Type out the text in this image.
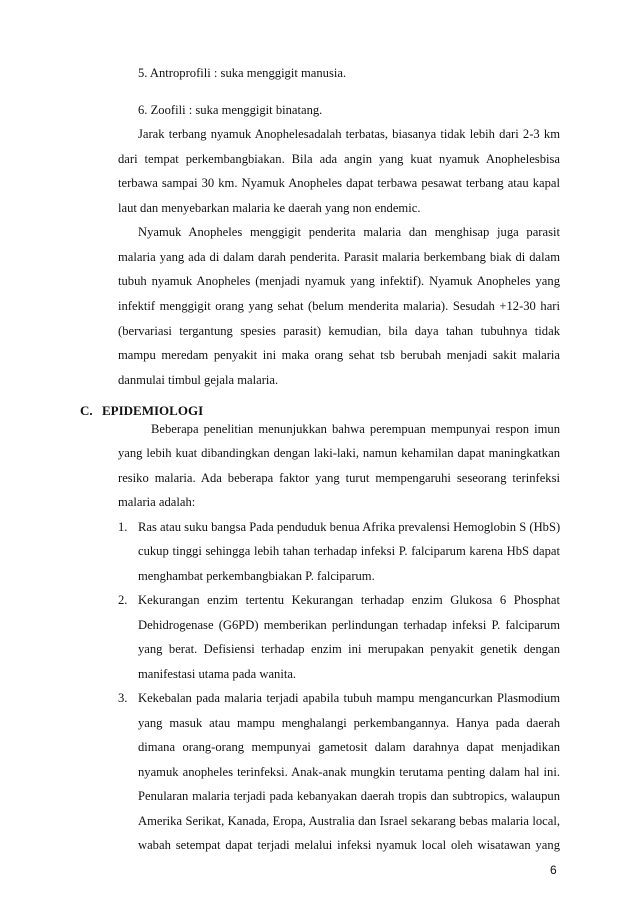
C. EPIDEMIOLOGI
6
5. Antroprofili : suka menggigit manusia.
6. Zoofili : suka menggigit binatang.
Jarak terbang nyamuk Anophelesadalah terbatas, biasanya tidak lebih dari 2-3 km
dari tempat perkembangbiakan. Bila ada angin yang kuat nyamuk Anophelesbisa
terbawa sampai 30 km. Nyamuk Anopheles dapat terbawa pesawat terbang atau kapal
laut dan menyebarkan malaria ke daerah yang non endemic.
Nyamuk Anopheles menggigit penderita malaria dan menghisap juga parasit
malaria yang ada di dalam darah penderita. Parasit malaria berkembang biak di dalam
tubuh nyamuk Anopheles (menjadi nyamuk yang infektif). Nyamuk Anopheles yang
infektif menggigit orang yang sehat (belum menderita malaria). Sesudah +12-30 hari
(bervariasi tergantung spesies parasit) kemudian, bila daya tahan tubuhnya tidak
mampu meredam penyakit ini maka orang sehat tsb berubah menjadi sakit malaria
danmulai timbul gejala malaria.
Beberapa penelitian menunjukkan bahwa perempuan mempunyai respon imun
yang lebih kuat dibandingkan dengan laki-laki, namun kehamilan dapat maningkatkan
resiko malaria. Ada beberapa faktor yang turut mempengaruhi seseorang terinfeksi
malaria adalah:
Ras atau suku bangsa Pada penduduk benua Afrika prevalensi Hemoglobin S (HbS)
cukup tinggi sehingga lebih tahan terhadap infeksi P. falciparum karena HbS dapat
menghambat perkembangbiakan P. falciparum.
Kekurangan enzim tertentu Kekurangan terhadap enzim Glukosa 6 Phosphat
Dehidrogenase (G6PD) memberikan perlindungan terhadap infeksi P. falciparum
yang berat. Defisiensi terhadap enzim ini merupakan penyakit genetik dengan
manifestasi utama pada wanita.
Kekebalan pada malaria terjadi apabila tubuh mampu mengancurkan Plasmodium
yang masuk atau mampu menghalangi perkembangannya. Hanya pada daerah
dimana orang-orang mempunyai gametosit dalam darahnya dapat menjadikan
nyamuk anopheles terinfeksi. Anak-anak mungkin terutama penting dalam hal ini.
Penularan malaria terjadi pada kebanyakan daerah tropis dan subtropics, walaupun
Amerika Serikat, Kanada, Eropa, Australia dan Israel sekarang bebas malaria local,
wabah setempat dapat terjadi melalui infeksi nyamuk local oleh wisatawan yang
1.
2.
3.
